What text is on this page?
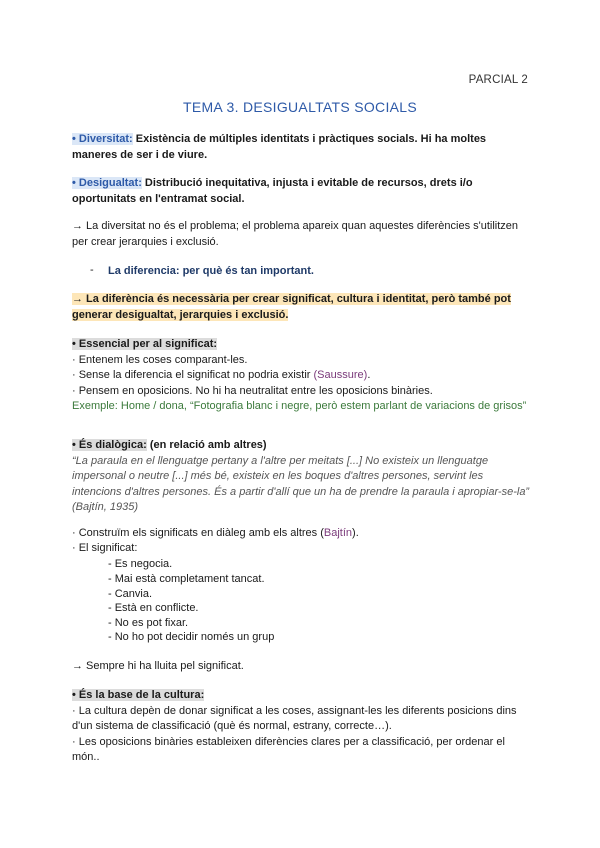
PARCIAL 2
TEMA 3. DESIGUALTATS SOCIALS
• Diversitat: Existència de múltiples identitats i pràctiques socials. Hi ha moltes maneres de ser i de viure.
• Desigualtat: Distribució inequitativa, injusta i evitable de recursos, drets i/o oportunitats en l'entramat social.
→ La diversitat no és el problema; el problema apareix quan aquestes diferències s'utilitzen per crear jerarquies i exclusió.
- La diferencia: per què és tan important.
→ La diferència és necessària per crear significat, cultura i identitat, però també pot generar desigualtat, jerarquies i exclusió.
• Essencial per al significat:
· Entenem les coses comparant-les.
· Sense la diferencia el significat no podria existir (Saussure).
· Pensem en oposicions. No hi ha neutralitat entre les oposicions binàries.
Exemple: Home / dona, “Fotografia blanc i negre, però estem parlant de variacions de grisos”
• És dialògica: (en relació amb altres)
“La paraula en el llenguatge pertany a l'altre per meitats [...] No existeix un llenguatge impersonal o neutre [...] més bé, existeix en les boques d'altres persones, servint les intencions d'altres persones. És a partir d'allí que un ha de prendre la paraula i apropiar-se-la” (Bajtín, 1935)
· Construïm els significats en diàleg amb els altres (Bajtín).
· El significat:
- Es negocia.
- Mai està completament tancat.
- Canvia.
- Està en conflicte.
- No es pot fixar.
- No ho pot decidir només un grup
→ Sempre hi ha lluita pel significat.
• És la base de la cultura:
· La cultura depèn de donar significat a les coses, assignant-les les diferents posicions dins d'un sistema de classificació (què és normal, estrany, correcte…).
· Les oposicions binàries estableixen diferències clares per a classificació, per ordenar el món..
